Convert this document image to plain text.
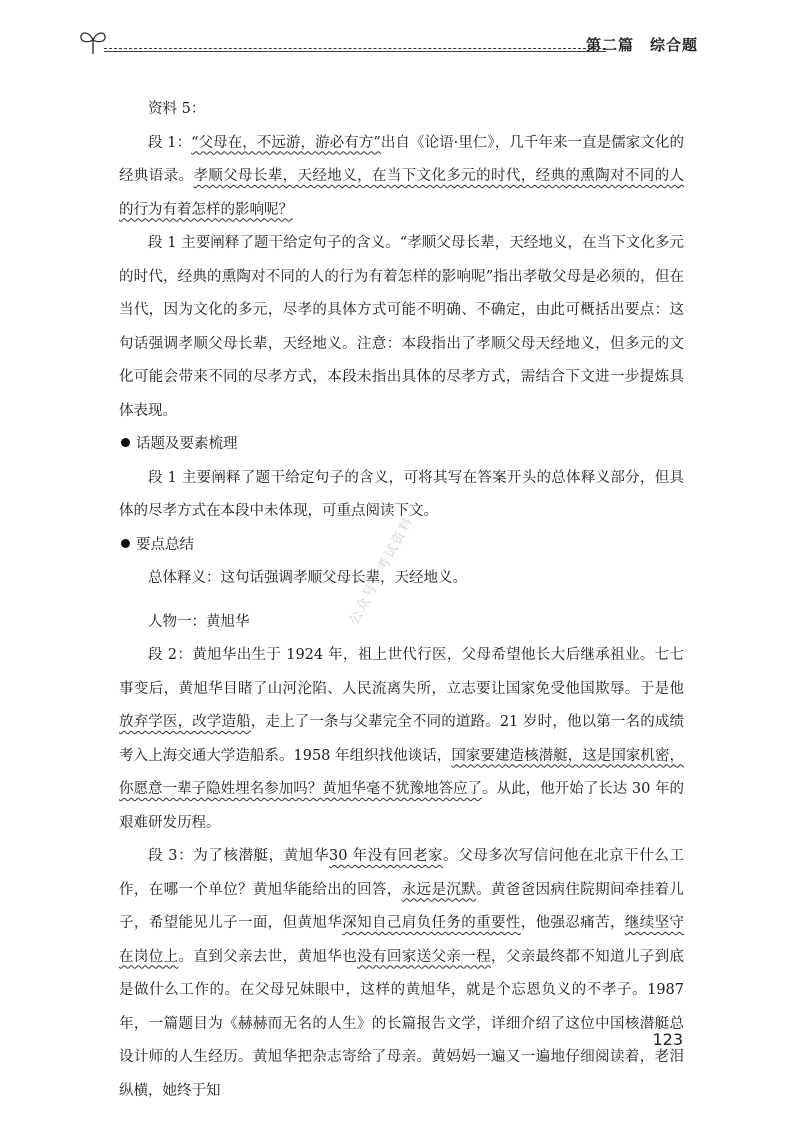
第二篇　综合题
公众号：考试资料

资料 5：

段 1：“父母在，不远游，游必有方”出自《论语·里仁》，几千年来一直是儒家文化的经典语录。孝顺父母长辈，天经地义，在当下文化多元的时代，经典的熏陶对不同的人的行为有着怎样的影响呢？

段 1 主要阐释了题干给定句子的含义。“孝顺父母长辈，天经地义，在当下文化多元的时代，经典的熏陶对不同的人的行为有着怎样的影响呢”指出孝敬父母是必须的，但在当代，因为文化的多元，尽孝的具体方式可能不明确、不确定，由此可概括出要点：这句话强调孝顺父母长辈，天经地义。注意：本段指出了孝顺父母天经地义，但多元的文化可能会带来不同的尽孝方式，本段未指出具体的尽孝方式，需结合下文进一步提炼具体表现。

话题及要素梳理

段 1 主要阐释了题干给定句子的含义，可将其写在答案开头的总体释义部分，但具体的尽孝方式在本段中未体现，可重点阅读下文。

要点总结

总体释义：这句话强调孝顺父母长辈，天经地义。

人物一：黄旭华

段 2：黄旭华出生于 1924 年，祖上世代行医，父母希望他长大后继承祖业。七七事变后，黄旭华目睹了山河沦陷、人民流离失所，立志要让国家免受他国欺辱。于是他放弃学医，改学造船，走上了一条与父辈完全不同的道路。21 岁时，他以第一名的成绩考入上海交通大学造船系。1958 年组织找他谈话，国家要建造核潜艇，这是国家机密，你愿意一辈子隐姓埋名参加吗？黄旭华毫不犹豫地答应了。从此，他开始了长达 30 年的艰难研发历程。

段 3：为了核潜艇，黄旭华30 年没有回老家。父母多次写信问他在北京干什么工作，在哪一个单位？黄旭华能给出的回答，永远是沉默。黄爸爸因病住院期间牵挂着儿子，希望能见儿子一面，但黄旭华深知自己肩负任务的重要性，他强忍痛苦，继续坚守在岗位上。直到父亲去世，黄旭华也没有回家送父亲一程，父亲最终都不知道儿子到底是做什么工作的。在父母兄妹眼中，这样的黄旭华，就是个忘恩负义的不孝子。1987 年，一篇题目为《赫赫而无名的人生》的长篇报告文学，详细介绍了这位中国核潜艇总设计师的人生经历。黄旭华把杂志寄给了母亲。黄妈妈一遍又一遍地仔细阅读着，老泪纵横，她终于知

123
